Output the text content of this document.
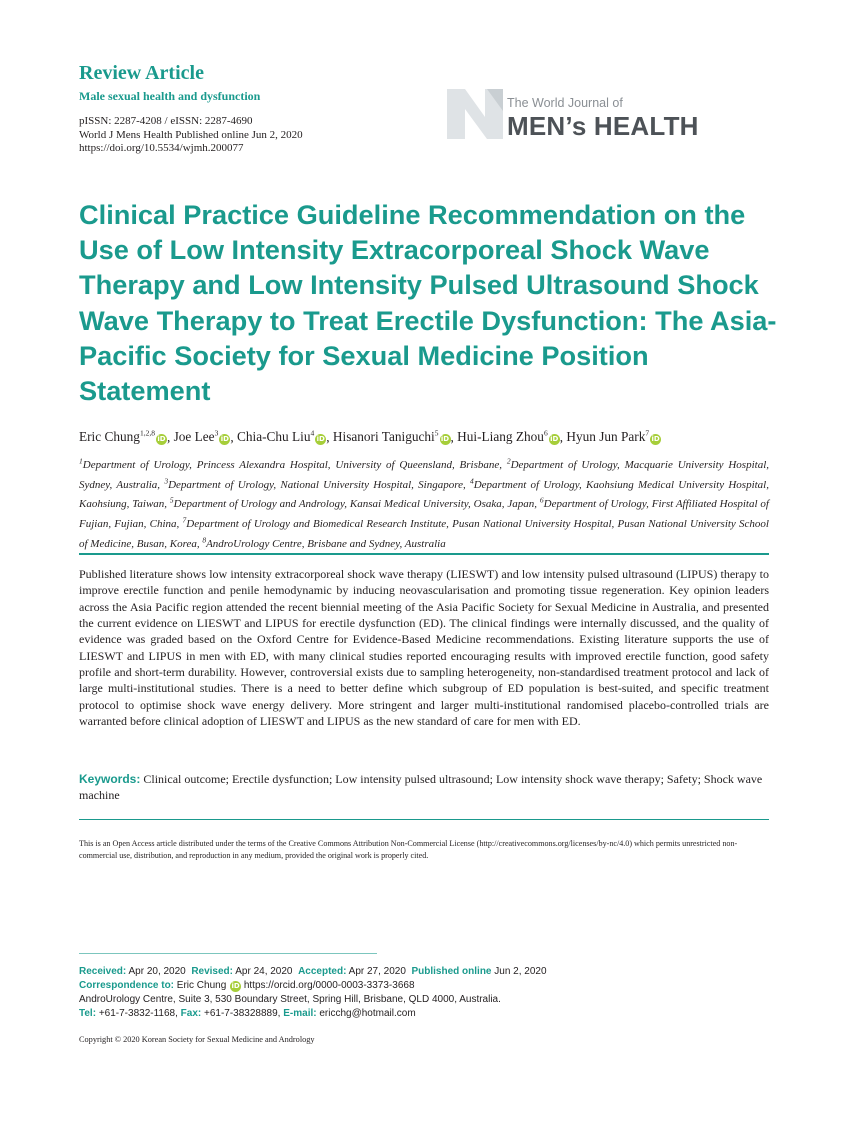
Review Article
Male sexual health and dysfunction
pISSN: 2287-4208 / eISSN: 2287-4690
World J Mens Health Published online Jun 2, 2020
https://doi.org/10.5534/wjmh.200077
The World Journal of
MEN’s HEALTH
Clinical Practice Guideline Recommendation on the Use of Low Intensity Extracorporeal Shock Wave Therapy and Low Intensity Pulsed Ultrasound Shock Wave Therapy to Treat Erectile Dysfunction: The Asia-Pacific Society for Sexual Medicine Position Statement
Eric Chung$^{1,2,8}$iD, Joe Lee$^3$iD, Chia-Chu Liu$^4$iD, Hisanori Taniguchi$^5$iD, Hui-Liang Zhou$^6$iD, Hyun Jun Park$^7$iD
$^1$Department of Urology, Princess Alexandra Hospital, University of Queensland, Brisbane, $^2$Department of Urology, Macquarie University Hospital, Sydney, Australia, $^3$Department of Urology, National University Hospital, Singapore, $^4$Department of Urology, Kaohsiung Medical University Hospital, Kaohsiung, Taiwan, $^5$Department of Urology and Andrology, Kansai Medical University, Osaka, Japan, $^6$Department of Urology, First Affiliated Hospital of Fujian, Fujian, China, $^7$Department of Urology and Biomedical Research Institute, Pusan National University Hospital, Pusan National University School of Medicine, Busan, Korea, $^8$AndroUrology Centre, Brisbane and Sydney, Australia
Published literature shows low intensity extracorporeal shock wave therapy (LIESWT) and low intensity pulsed ultrasound (LIPUS) therapy to improve erectile function and penile hemodynamic by inducing neovascularisation and promoting tissue regeneration. Key opinion leaders across the Asia Pacific region attended the recent biennial meeting of the Asia Pacific Society for Sexual Medicine in Australia, and presented the current evidence on LIESWT and LIPUS for erectile dysfunction (ED). The clinical findings were internally discussed, and the quality of evidence was graded based on the Oxford Centre for Evidence-Based Medicine recommendations. Existing literature supports the use of LIESWT and LIPUS in men with ED, with many clinical studies reported encouraging results with improved erectile function, good safety profile and short-term durability. However, controversial exists due to sampling heterogeneity, non-standardised treatment protocol and lack of large multi-institutional studies. There is a need to better define which subgroup of ED population is best-suited, and specific treatment protocol to optimise shock wave energy delivery. More stringent and larger multi-institutional randomised placebo-controlled trials are warranted before clinical adoption of LIESWT and LIPUS as the new standard of care for men with ED.
Keywords: Clinical outcome; Erectile dysfunction; Low intensity pulsed ultrasound; Low intensity shock wave therapy; Safety; Shock wave machine
This is an Open Access article distributed under the terms of the Creative Commons Attribution Non-Commercial License (http://creativecommons.org/licenses/by-nc/4.0) which permits unrestricted non-commercial use, distribution, and reproduction in any medium, provided the original work is properly cited.
Received: Apr 20, 2020 Revised: Apr 24, 2020 Accepted: Apr 27, 2020 Published online Jun 2, 2020
Correspondence to: Eric Chung iD https://orcid.org/0000-0003-3373-3668
AndroUrology Centre, Suite 3, 530 Boundary Street, Spring Hill, Brisbane, QLD 4000, Australia.
Tel: +61-7-3832-1168, Fax: +61-7-38328889, E-mail: ericchg@hotmail.com
Copyright © 2020 Korean Society for Sexual Medicine and Andrology
